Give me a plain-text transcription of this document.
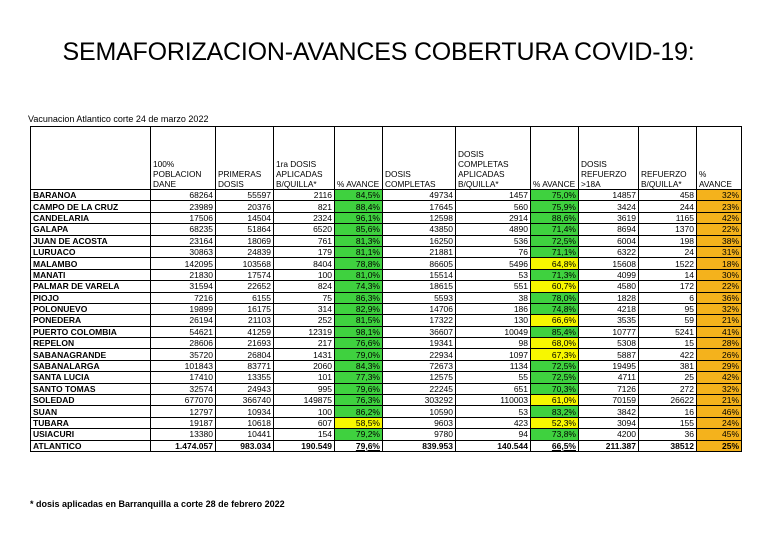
SEMAFORIZACION-AVANCES COBERTURA COVID-19:
Vacunacion Atlantico corte 24 de marzo 2022
	100% POBLACION DANE	PRIMERAS DOSIS	1ra DOSIS APLICADAS B/QUILLA*	% AVANCE	DOSIS COMPLETAS	DOSIS COMPLETAS APLICADAS B/QUILLA*	% AVANCE	DOSIS REFUERZO >18A	REFUERZO B/QUILLA*	% AVANCE
BARANOA	68264	55597	2116	84,5%	49734	1457	75,0%	14857	458	32%
CAMPO DE LA CRUZ	23989	20376	821	88,4%	17645	560	75,9%	3424	244	23%
CANDELARIA	17506	14504	2324	96,1%	12598	2914	88,6%	3619	1165	42%
GALAPA	68235	51864	6520	85,6%	43850	4890	71,4%	8694	1370	22%
JUAN DE ACOSTA	23164	18069	761	81,3%	16250	536	72,5%	6004	198	38%
LURUACO	30863	24839	179	81,1%	21881	76	71,1%	6322	24	31%
MALAMBO	142095	103568	8404	78,8%	86605	5496	64,8%	15608	1522	18%
MANATI	21830	17574	100	81,0%	15514	53	71,3%	4099	14	30%
PALMAR DE VARELA	31594	22652	824	74,3%	18615	551	60,7%	4580	172	22%
PIOJO	7216	6155	75	86,3%	5593	38	78,0%	1828	6	36%
POLONUEVO	19899	16175	314	82,9%	14706	186	74,8%	4218	95	32%
PONEDERA	26194	21103	252	81,5%	17322	130	66,6%	3535	59	21%
PUERTO COLOMBIA	54621	41259	12319	98,1%	36607	10049	85,4%	10777	5241	41%
REPELON	28606	21693	217	76,6%	19341	98	68,0%	5308	15	28%
SABANAGRANDE	35720	26804	1431	79,0%	22934	1097	67,3%	5887	422	26%
SABANALARGA	101843	83771	2060	84,3%	72673	1134	72,5%	19495	381	29%
SANTA LUCIA	17410	13355	101	77,3%	12575	55	72,5%	4711	25	42%
SANTO TOMAS	32574	24943	995	79,6%	22245	651	70,3%	7126	272	32%
SOLEDAD	677070	366740	149875	76,3%	303292	110003	61,0%	70159	26622	21%
SUAN	12797	10934	100	86,2%	10590	53	83,2%	3842	16	46%
TUBARA	19187	10618	607	58,5%	9603	423	52,3%	3094	155	24%
USIACURI	13380	10441	154	79,2%	9780	94	73,8%	4200	36	45%
ATLANTICO	1.474.057	983.034	190.549	79,6%	839.953	140.544	66,5%	211.387	38512	25%
* dosis aplicadas en Barranquilla a corte 28 de febrero 2022
